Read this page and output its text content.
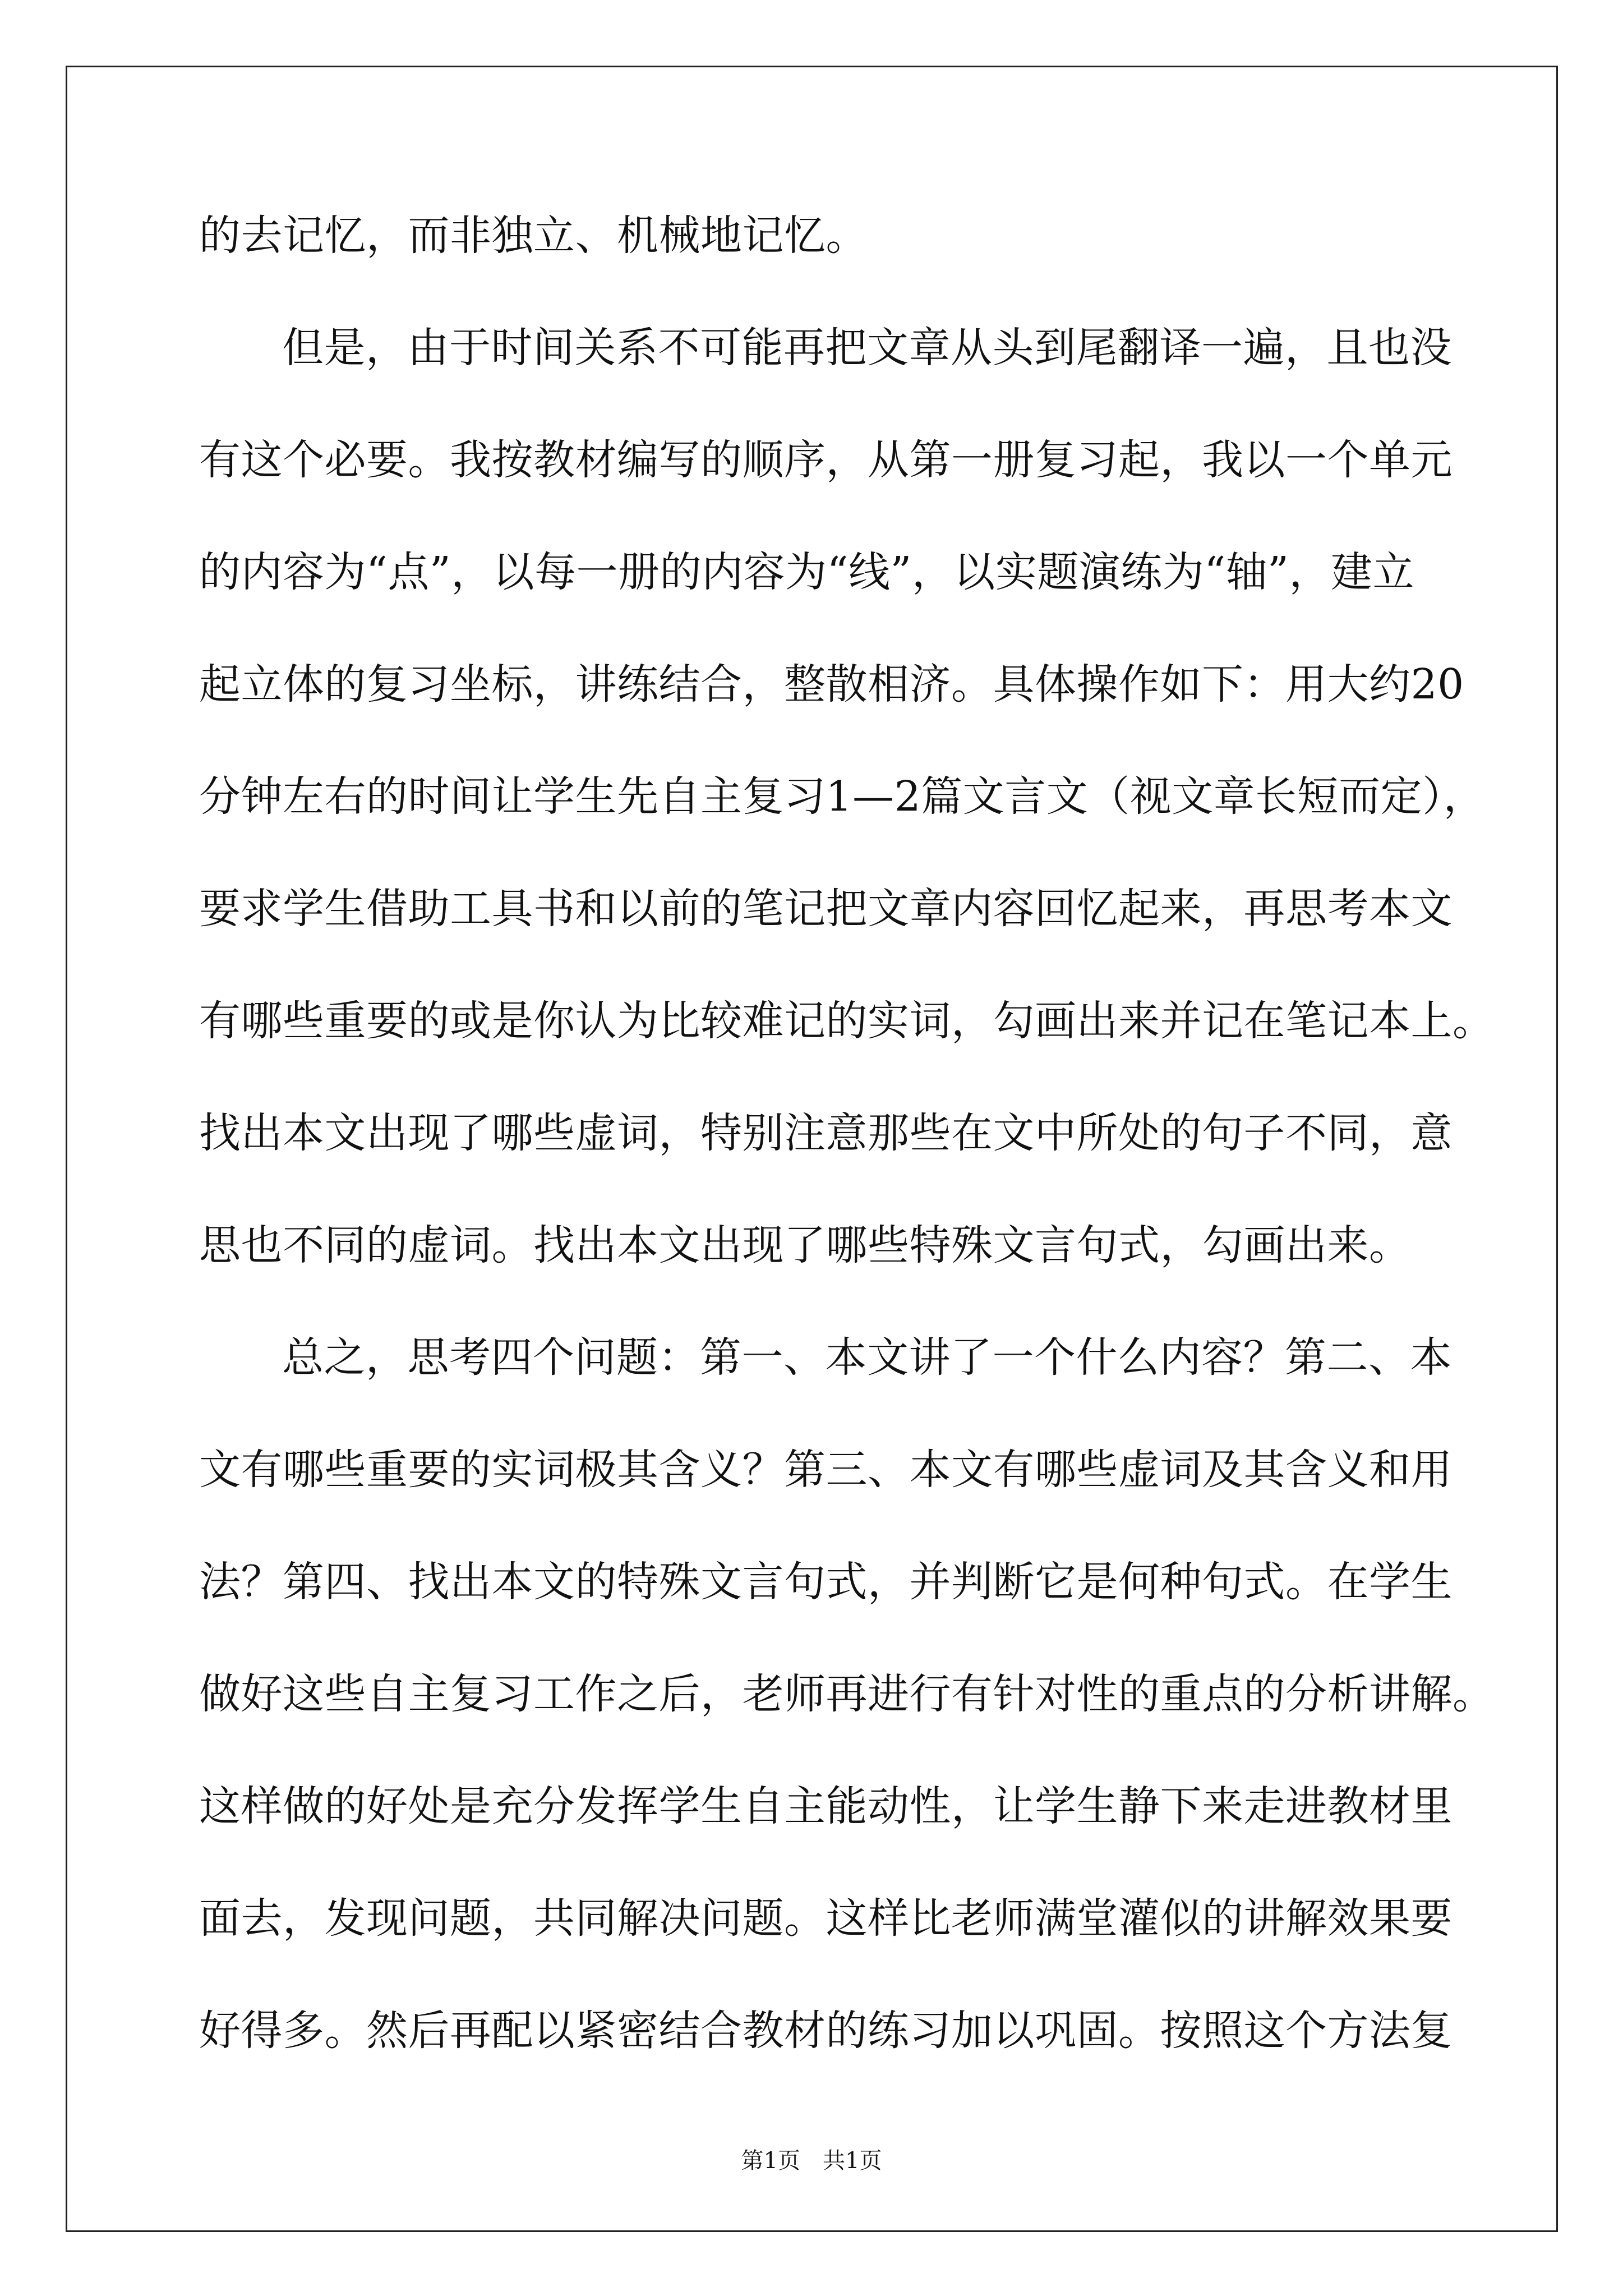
的去记忆，而非独立、机械地记忆。
但是，由于时间关系不可能再把文章从头到尾翻译一遍，且也没
有这个必要。我按教材编写的顺序，从第一册复习起，我以一个单元
的内容为“点”，以每一册的内容为“线”，以实题演练为“轴”，建立
起立体的复习坐标，讲练结合，整散相济。具体操作如下：用大约20
分钟左右的时间让学生先自主复习1—2篇文言文（视文章长短而定），
要求学生借助工具书和以前的笔记把文章内容回忆起来，再思考本文
有哪些重要的或是你认为比较难记的实词，勾画出来并记在笔记本上。
找出本文出现了哪些虚词，特别注意那些在文中所处的句子不同，意
思也不同的虚词。找出本文出现了哪些特殊文言句式，勾画出来。
总之，思考四个问题：第一、本文讲了一个什么内容？第二、本
文有哪些重要的实词极其含义？第三、本文有哪些虚词及其含义和用
法？第四、找出本文的特殊文言句式，并判断它是何种句式。在学生
做好这些自主复习工作之后，老师再进行有针对性的重点的分析讲解。
这样做的好处是充分发挥学生自主能动性，让学生静下来走进教材里
面去，发现问题，共同解决问题。这样比老师满堂灌似的讲解效果要
好得多。然后再配以紧密结合教材的练习加以巩固。按照这个方法复
第1页　共1页
